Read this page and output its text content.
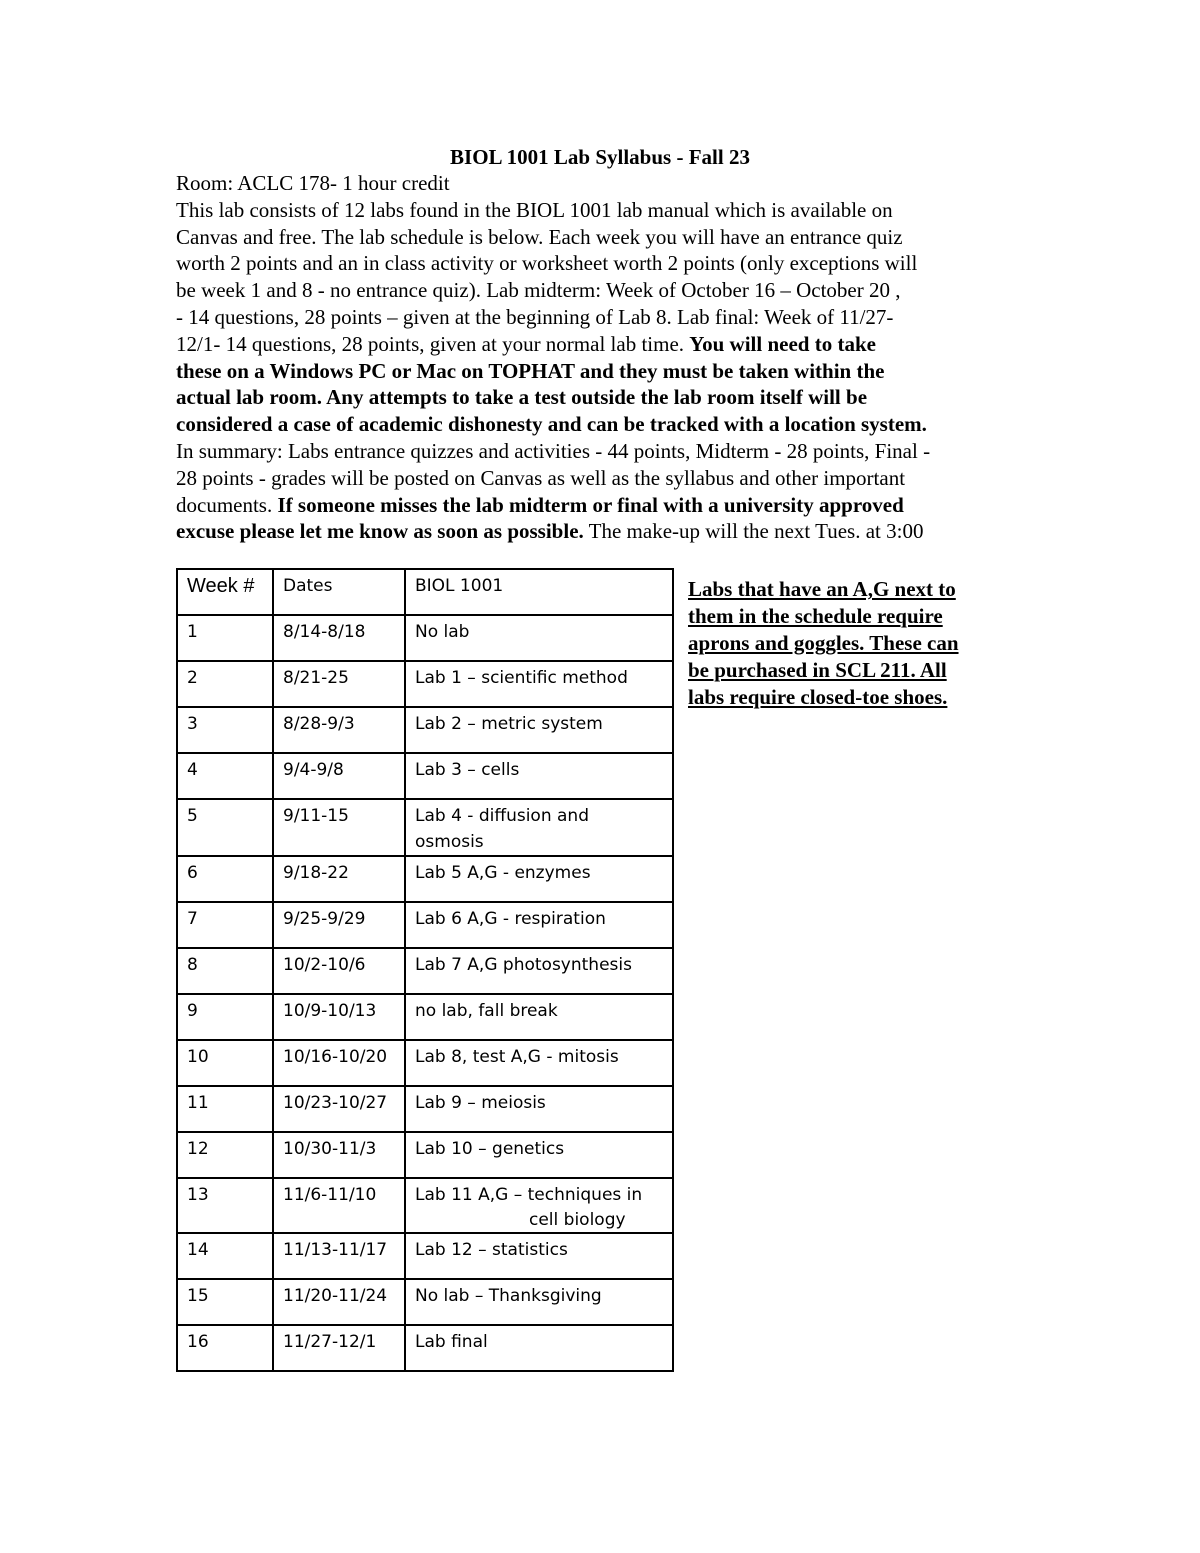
BIOL 1001 Lab Syllabus - Fall 23
Room: ACLC 178- 1 hour credit
This lab consists of 12 labs found in the BIOL 1001 lab manual which is available on
Canvas and free. The lab schedule is below. Each week you will have an entrance quiz
worth 2 points and an in class activity or worksheet worth 2 points (only exceptions will
be week 1 and 8 - no entrance quiz). Lab midterm: Week of October 16 – October 20 ,
- 14 questions, 28 points – given at the beginning of Lab 8. Lab final: Week of 11/27-
12/1- 14 questions, 28 points, given at your normal lab time. You will need to take
these on a Windows PC or Mac on TOPHAT and they must be taken within the
actual lab room. Any attempts to take a test outside the lab room itself will be
considered a case of academic dishonesty and can be tracked with a location system.
In summary: Labs entrance quizzes and activities - 44 points, Midterm - 28 points, Final -
28 points - grades will be posted on Canvas as well as the syllabus and other important
documents. If someone misses the lab midterm or final with a university approved
excuse please let me know as soon as possible. The make-up will the next Tues. at 3:00
Week #	Dates	BIOL 1001
1	8/14-8/18	No lab

2	8/21-25	Lab 1 – scientific method

3	8/28-9/3	Lab 2 – metric system

4	9/4-9/8	Lab 3 – cells

5	9/11-15	Lab 4 - diffusion and
osmosis

6	9/18-22	Lab 5 A,G - enzymes

7	9/25-9/29	Lab 6 A,G - respiration

8	10/2-10/6	Lab 7 A,G photosynthesis

9	10/9-10/13	no lab, fall break

10	10/16-10/20	Lab 8, test A,G - mitosis

11	10/23-10/27	Lab 9 – meiosis

12	10/30-11/3	Lab 10 – genetics

13	11/6-11/10	Lab 11 A,G – techniques in
cell biology

14	11/13-11/17	Lab 12 – statistics

15	11/20-11/24	No lab – Thanksgiving

16	11/27-12/1	Lab final
Labs that have an A,G next to
them in the schedule require
aprons and goggles. These can
be purchased in SCL 211. All
labs require closed-toe shoes.
